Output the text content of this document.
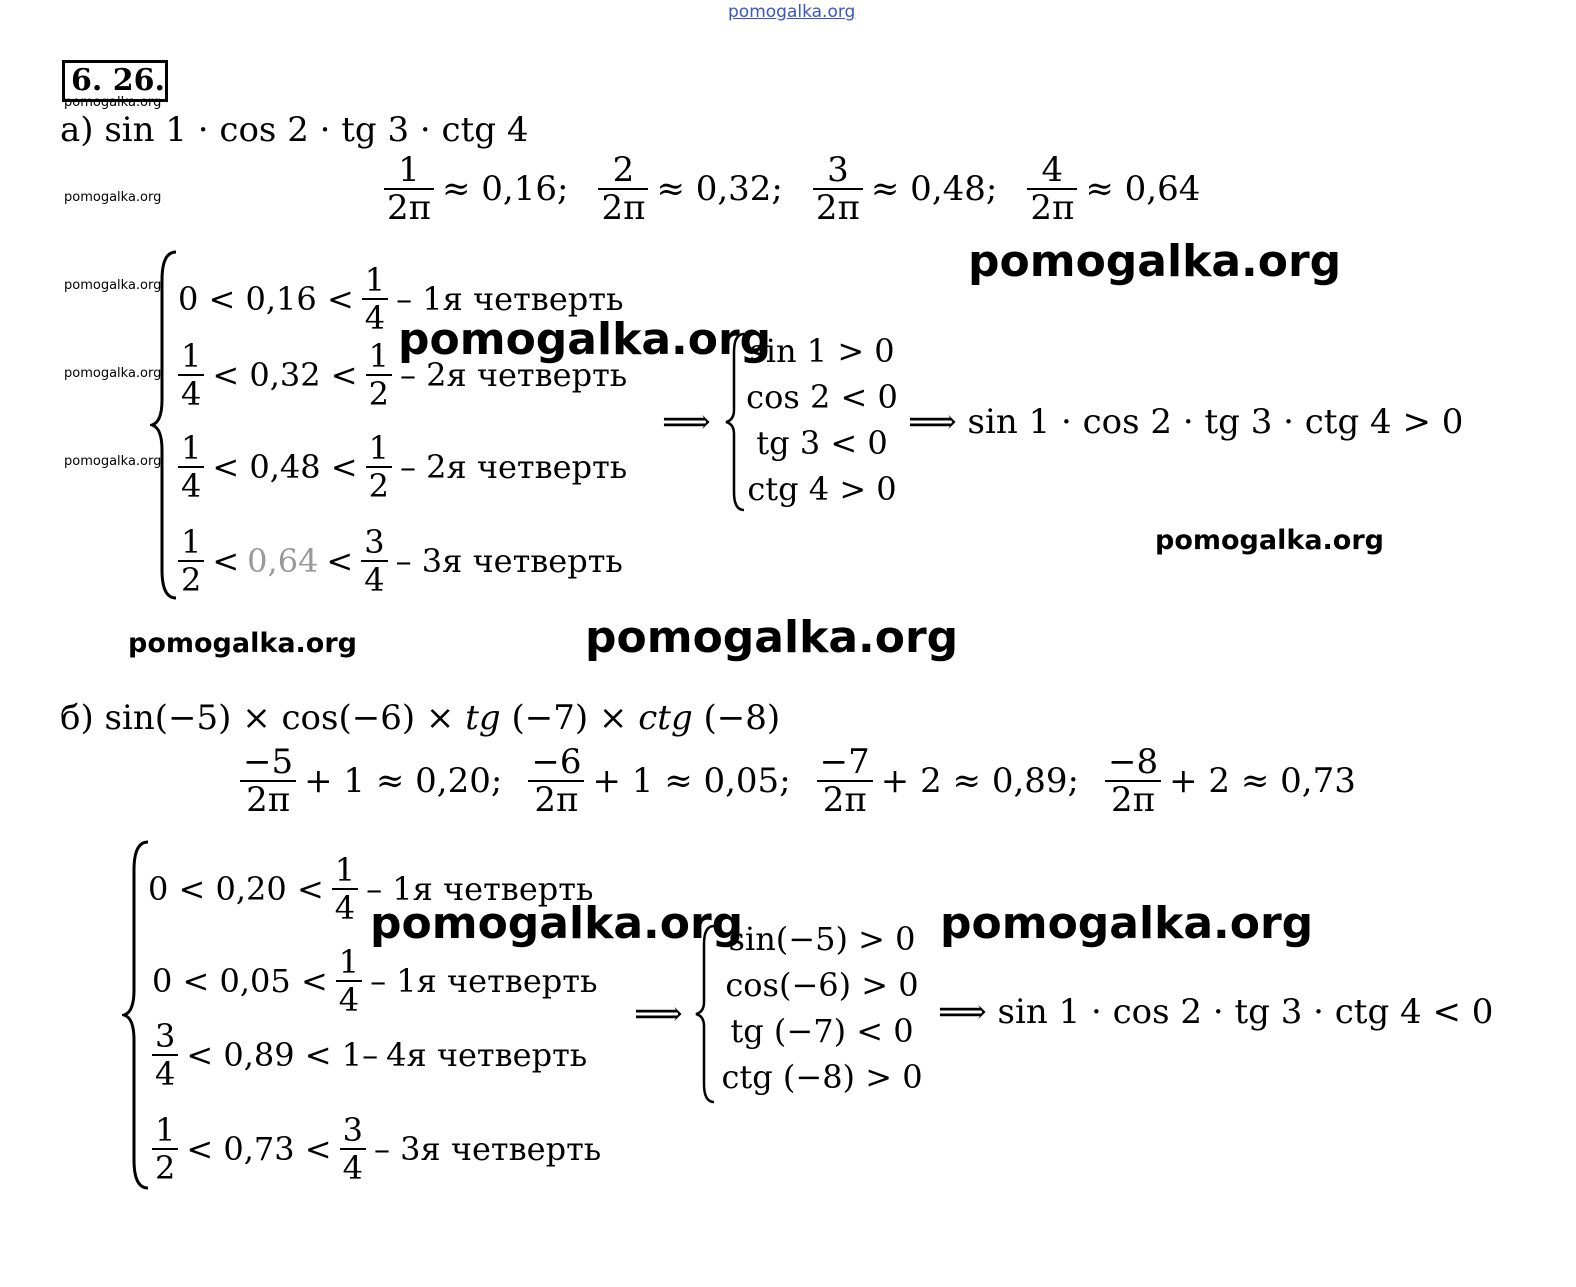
pomogalka.org
pomogalka.org
pomogalka.org
pomogalka.org
pomogalka.org
pomogalka.org
pomogalka.org
pomogalka.org
pomogalka.org
pomogalka.org	pomogalka.org
pomogalka.org	pomogalka.org
6. 26.
а) sin 1 · cos 2 · tg 3 · ctg 4
$\frac{1}{2\pi} \approx 0,16$; $\frac{2}{2\pi} \approx 0,32$; $\frac{3}{2\pi} \approx 0,48$; $\frac{4}{2\pi} \approx 0,64$
$0 < 0,16 < \frac{1}{4} - 1я$ четверть
$\frac{1}{4} < 0,32 < \frac{1}{2} - 2я$ четверть
$\frac{1}{4} < 0,48 < \frac{1}{2} - 2я$ четверть
$\frac{1}{2} < 0,64 < \frac{3}{4} - 3я$ четверть
⟹
sin 1 > 0
cos 2 < 0
tg 3 < 0
ctg 4 > 0
⟹ sin 1 · cos 2 · tg 3 · ctg 4 > 0
б) sin(−5) × cos(−6) × tg (−7) × ctg (−8)
$\frac{-5}{2\pi} + 1 \approx 0,20$; $\frac{-6}{2\pi} + 1 \approx 0,05$; $\frac{-7}{2\pi} + 2 \approx 0,89$; $\frac{-8}{2\pi} + 2 \approx 0,73$
$0 < 0,20 < \frac{1}{4} - 1я$ четверть
$0 < 0,05 < \frac{1}{4} - 1я$ четверть
$\frac{3}{4} < 0,89 < 1-$ 4я четверть
$\frac{1}{2} < 0,73 < \frac{3}{4} - 3я$ четверть
⟹
sin(−5) > 0
cos(−6) > 0
tg (−7) < 0
ctg (−8) > 0
⟹ sin 1 · cos 2 · tg 3 · ctg 4 < 0
